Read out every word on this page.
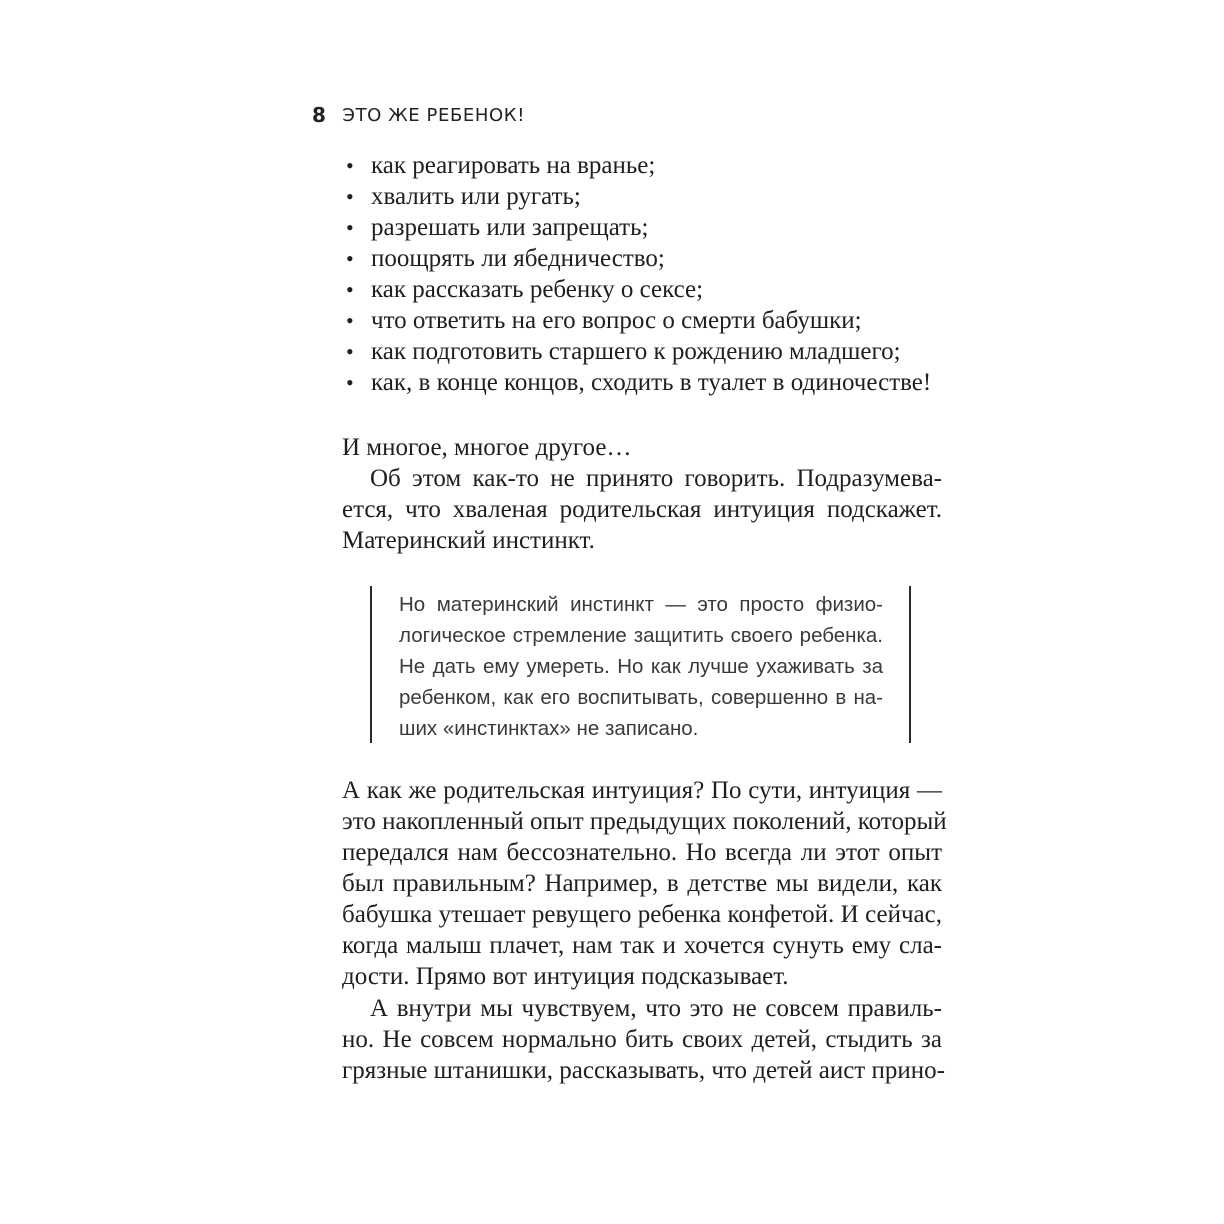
8 ЭТО ЖЕ РЕБЕНОК!
• как реагировать на вранье;
• хвалить или ругать;
• разрешать или запрещать;
• поощрять ли ябедничество;
• как рассказать ребенку о сексе;
• что ответить на его вопрос о смерти бабушки;
• как подготовить старшего к рождению младшего;
• как, в конце концов, сходить в туалет в одиночестве!

И многое, многое другое…

Об этом как-то не принято говорить. Подразумева-
ется, что хваленая родительская интуиция подскажет.
Материнский инстинкт.

Но материнский инстинкт — это просто физио-
логическое стремление защитить своего ребенка.
Не дать ему умереть. Но как лучше ухаживать за
ребенком, как его воспитывать, совершенно в на-
ших «инстинктах» не записано.

А как же родительская интуиция? По сути, интуиция —
это накопленный опыт предыдущих поколений, который
передался нам бессознательно. Но всегда ли этот опыт
был правильным? Например, в детстве мы видели, как
бабушка утешает ревущего ребенка конфетой. И сейчас,
когда малыш плачет, нам так и хочется сунуть ему сла-
дости. Прямо вот интуиция подсказывает.

А внутри мы чувствуем, что это не совсем правиль-
но. Не совсем нормально бить своих детей, стыдить за
грязные штанишки, рассказывать, что детей аист прино-
